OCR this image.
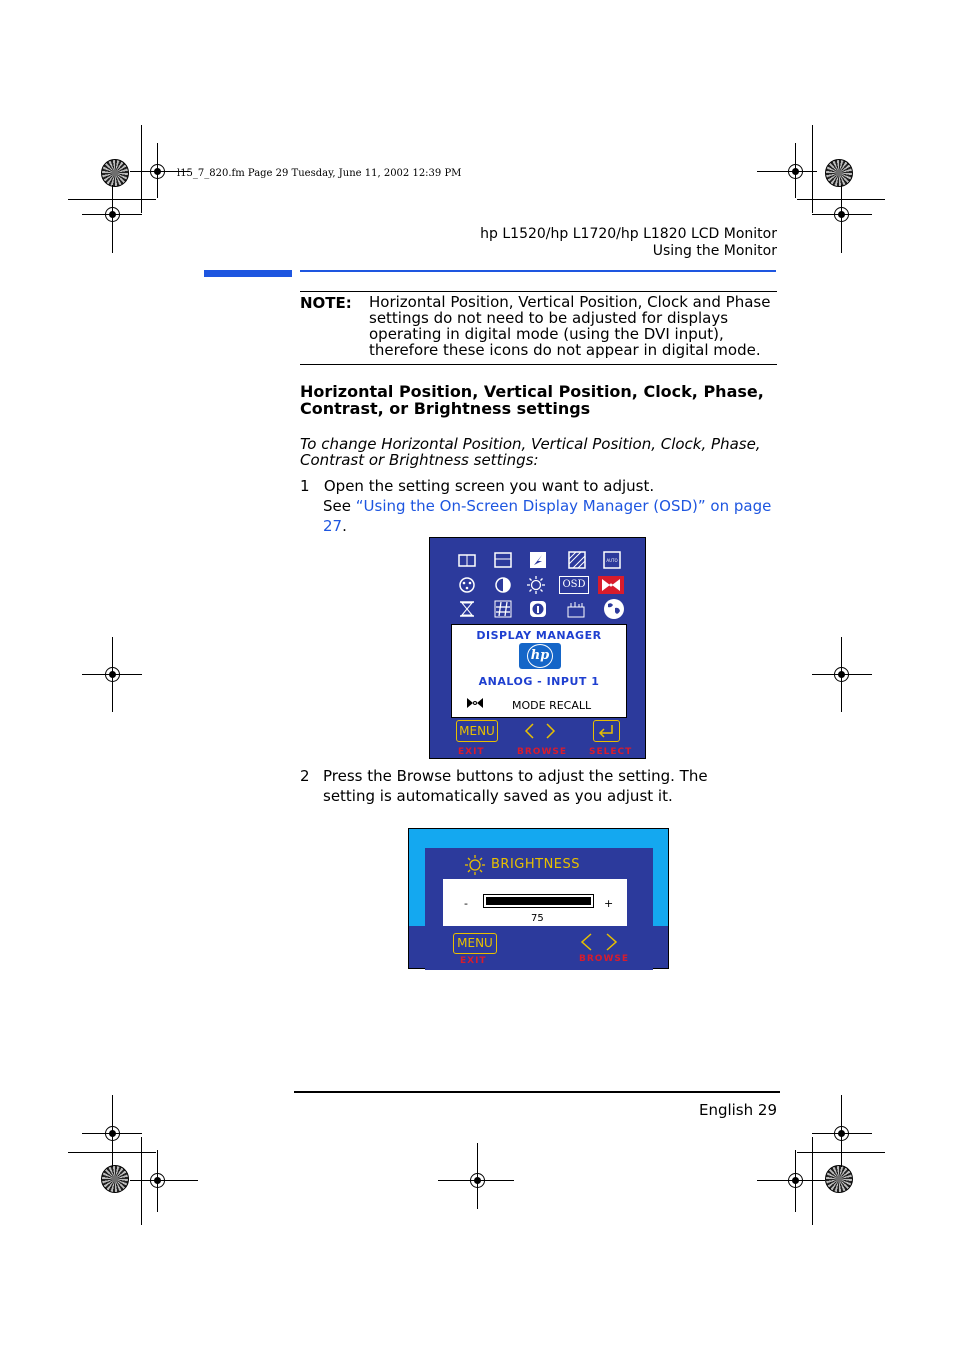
l15_7_820.fm Page 29 Tuesday, June 11, 2002 12:39 PM
hp L1520/hp L1720/hp L1820 LCD Monitor
Using the Monitor
NOTE: Horizontal Position, Vertical Position, Clock and Phase settings do not need to be adjusted for displays operating in digital mode (using the DVI input), therefore these icons do not appear in digital mode.
Horizontal Position, Vertical Position, Clock, Phase, Contrast, or Brightness settings
To change Horizontal Position, Vertical Position, Clock, Phase, Contrast or Brightness settings:
1 Open the setting screen you want to adjust.
See “Using the On-Screen Display Manager (OSD)” on page 27.
AUTO
OSD
DISPLAY MANAGER
hp
ANALOG - INPUT 1
MODE RECALL
MENU
EXIT	BROWSE SELECT
2 Press the Browse buttons to adjust the setting. The setting is automatically saved as you adjust it.
BRIGHTNESS
-	+
75
MENU
EXIT	BROWSE
English 29
